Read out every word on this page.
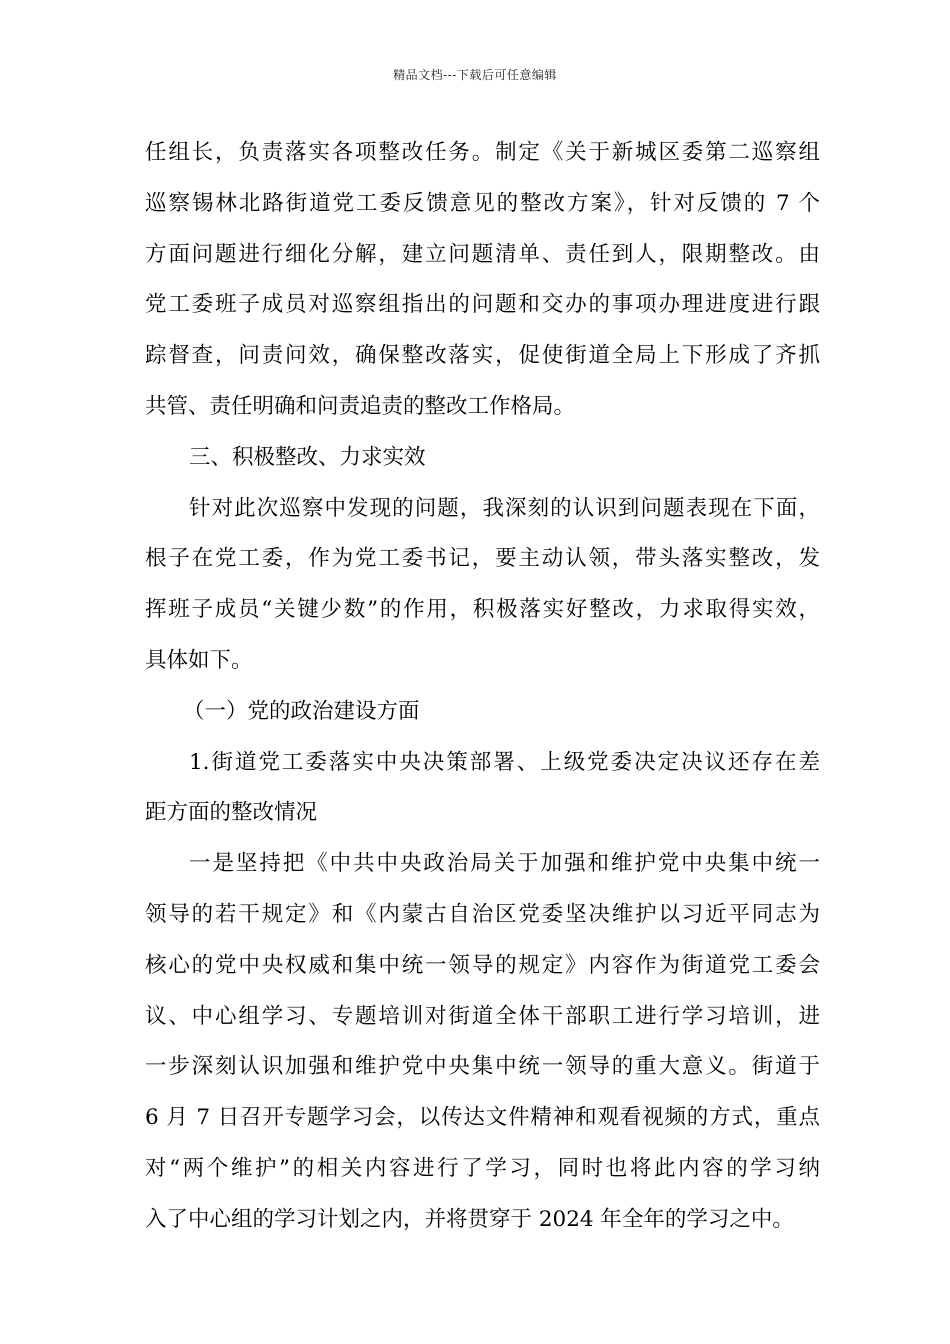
精品文档---下载后可任意编辑
任组长，负责落实各项整改任务。制定《关于新城区委第二巡察组
巡察锡林北路街道党工委反馈意见的整改方案》，针对反馈的 7 个
方面问题进行细化分解，建立问题清单、责任到人，限期整改。由
党工委班子成员对巡察组指出的问题和交办的事项办理进度进行跟
踪督查，问责问效，确保整改落实，促使街道全局上下形成了齐抓
共管、责任明确和问责追责的整改工作格局。
三、积极整改、力求实效
针对此次巡察中发现的问题，我深刻的认识到问题表现在下面，
根子在党工委，作为党工委书记，要主动认领，带头落实整改，发
挥班子成员“关键少数”的作用，积极落实好整改，力求取得实效，
具体如下。
（一）党的政治建设方面
1.街道党工委落实中央决策部署、上级党委决定决议还存在差
距方面的整改情况
一是坚持把《中共中央政治局关于加强和维护党中央集中统一
领导的若干规定》和《内蒙古自治区党委坚决维护以习近平同志为
核心的党中央权威和集中统一领导的规定》内容作为街道党工委会
议、中心组学习、专题培训对街道全体干部职工进行学习培训，进
一步深刻认识加强和维护党中央集中统一领导的重大意义。街道于
6 月 7 日召开专题学习会，以传达文件精神和观看视频的方式，重点
对“两个维护”的相关内容进行了学习，同时也将此内容的学习纳
入了中心组的学习计划之内，并将贯穿于 2024 年全年的学习之中。
